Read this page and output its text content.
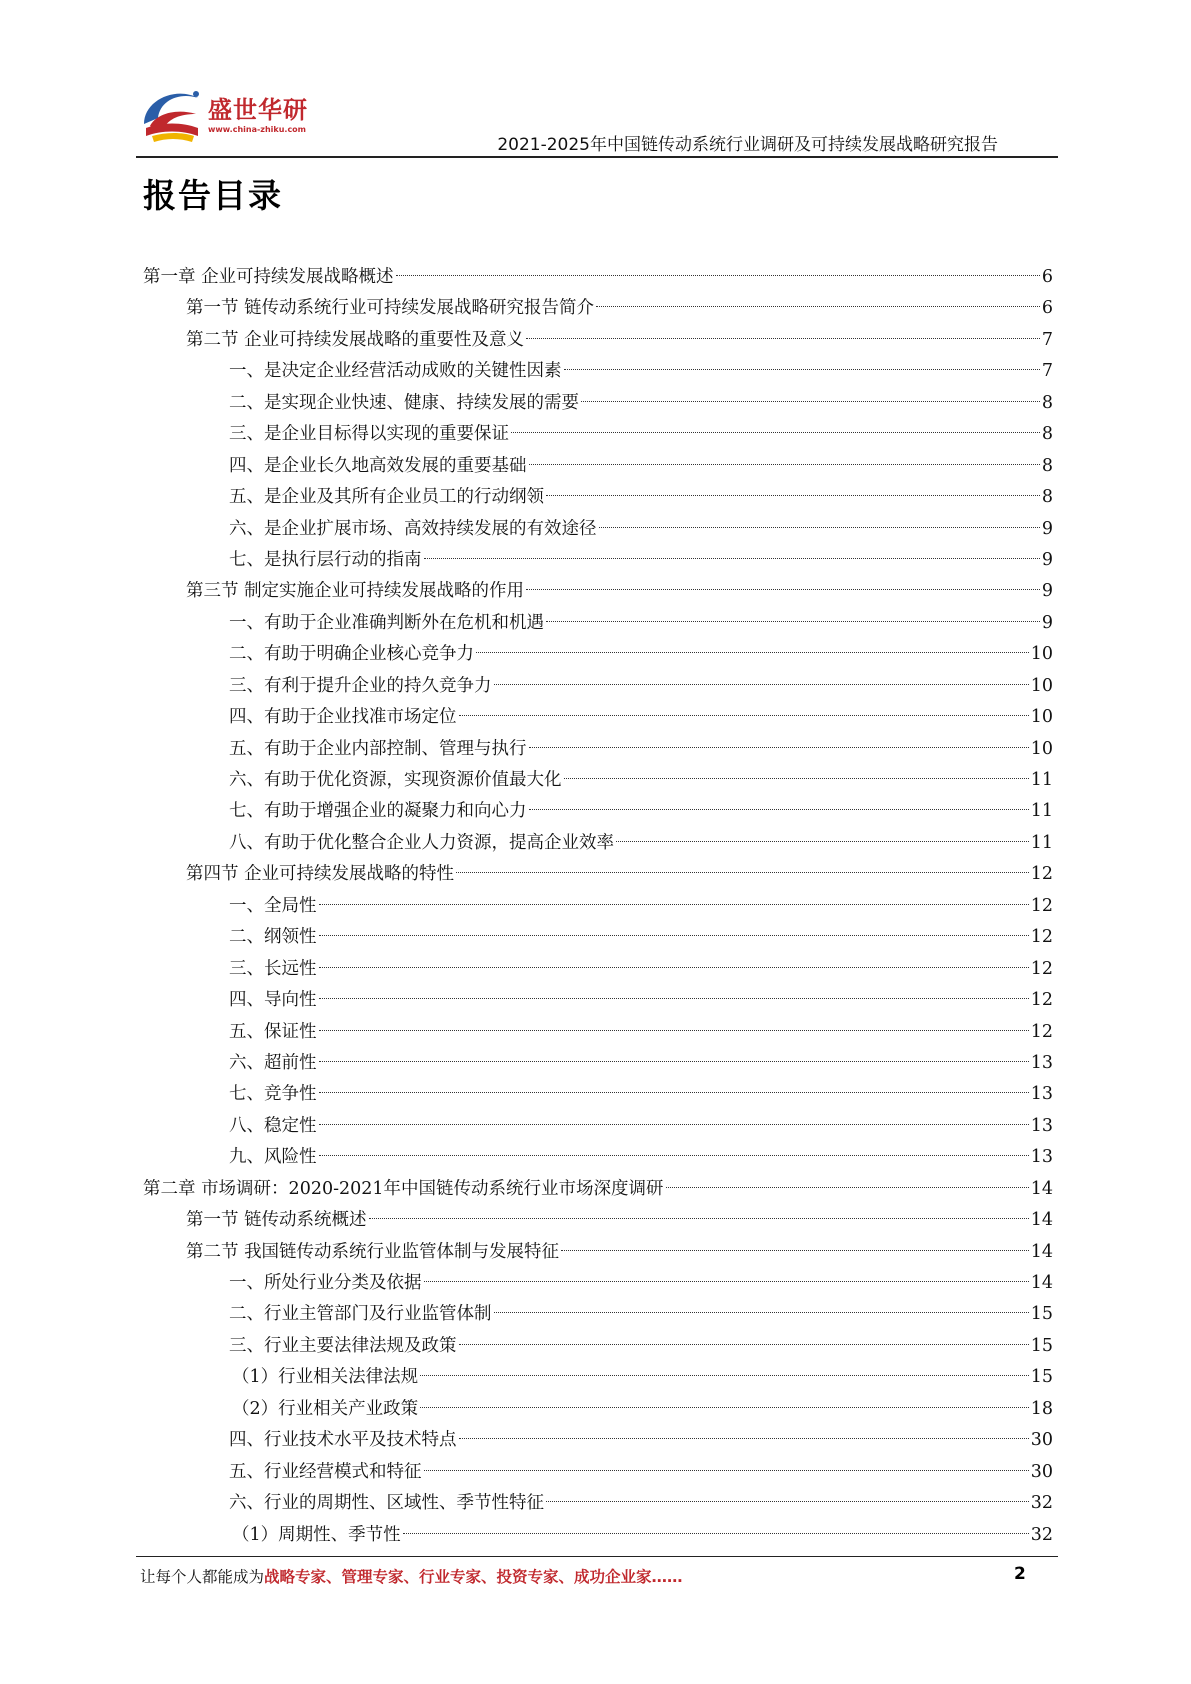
盛世华研
www.china-zhiku.com
2021-2025年中国链传动系统行业调研及可持续发展战略研究报告
报告目录
第一章 企业可持续发展战略概述	6
第一节 链传动系统行业可持续发展战略研究报告简介	6
第二节 企业可持续发展战略的重要性及意义	7
一、是决定企业经营活动成败的关键性因素	7
二、是实现企业快速、健康、持续发展的需要	8
三、是企业目标得以实现的重要保证	8
四、是企业长久地高效发展的重要基础	8
五、是企业及其所有企业员工的行动纲领	8
六、是企业扩展市场、高效持续发展的有效途径	9
七、是执行层行动的指南	9
第三节 制定实施企业可持续发展战略的作用	9
一、有助于企业准确判断外在危机和机遇	9
二、有助于明确企业核心竞争力	10
三、有利于提升企业的持久竞争力	10
四、有助于企业找准市场定位	10
五、有助于企业内部控制、管理与执行	10
六、有助于优化资源，实现资源价值最大化	11
七、有助于增强企业的凝聚力和向心力	11
八、有助于优化整合企业人力资源，提高企业效率	11
第四节 企业可持续发展战略的特性	12
一、全局性	12
二、纲领性	12
三、长远性	12
四、导向性	12
五、保证性	12
六、超前性	13
七、竞争性	13
八、稳定性	13
九、风险性	13
第二章 市场调研：2020-2021年中国链传动系统行业市场深度调研	14
第一节 链传动系统概述	14
第二节 我国链传动系统行业监管体制与发展特征	14
一、所处行业分类及依据	14
二、行业主管部门及行业监管体制	15
三、行业主要法律法规及政策	15
（1）行业相关法律法规	15
（2）行业相关产业政策	18
四、行业技术水平及技术特点	30
五、行业经营模式和特征	30
六、行业的周期性、区域性、季节性特征	32
（1）周期性、季节性	32
让每个人都能成为战略专家、管理专家、行业专家、投资专家、成功企业家……	2
